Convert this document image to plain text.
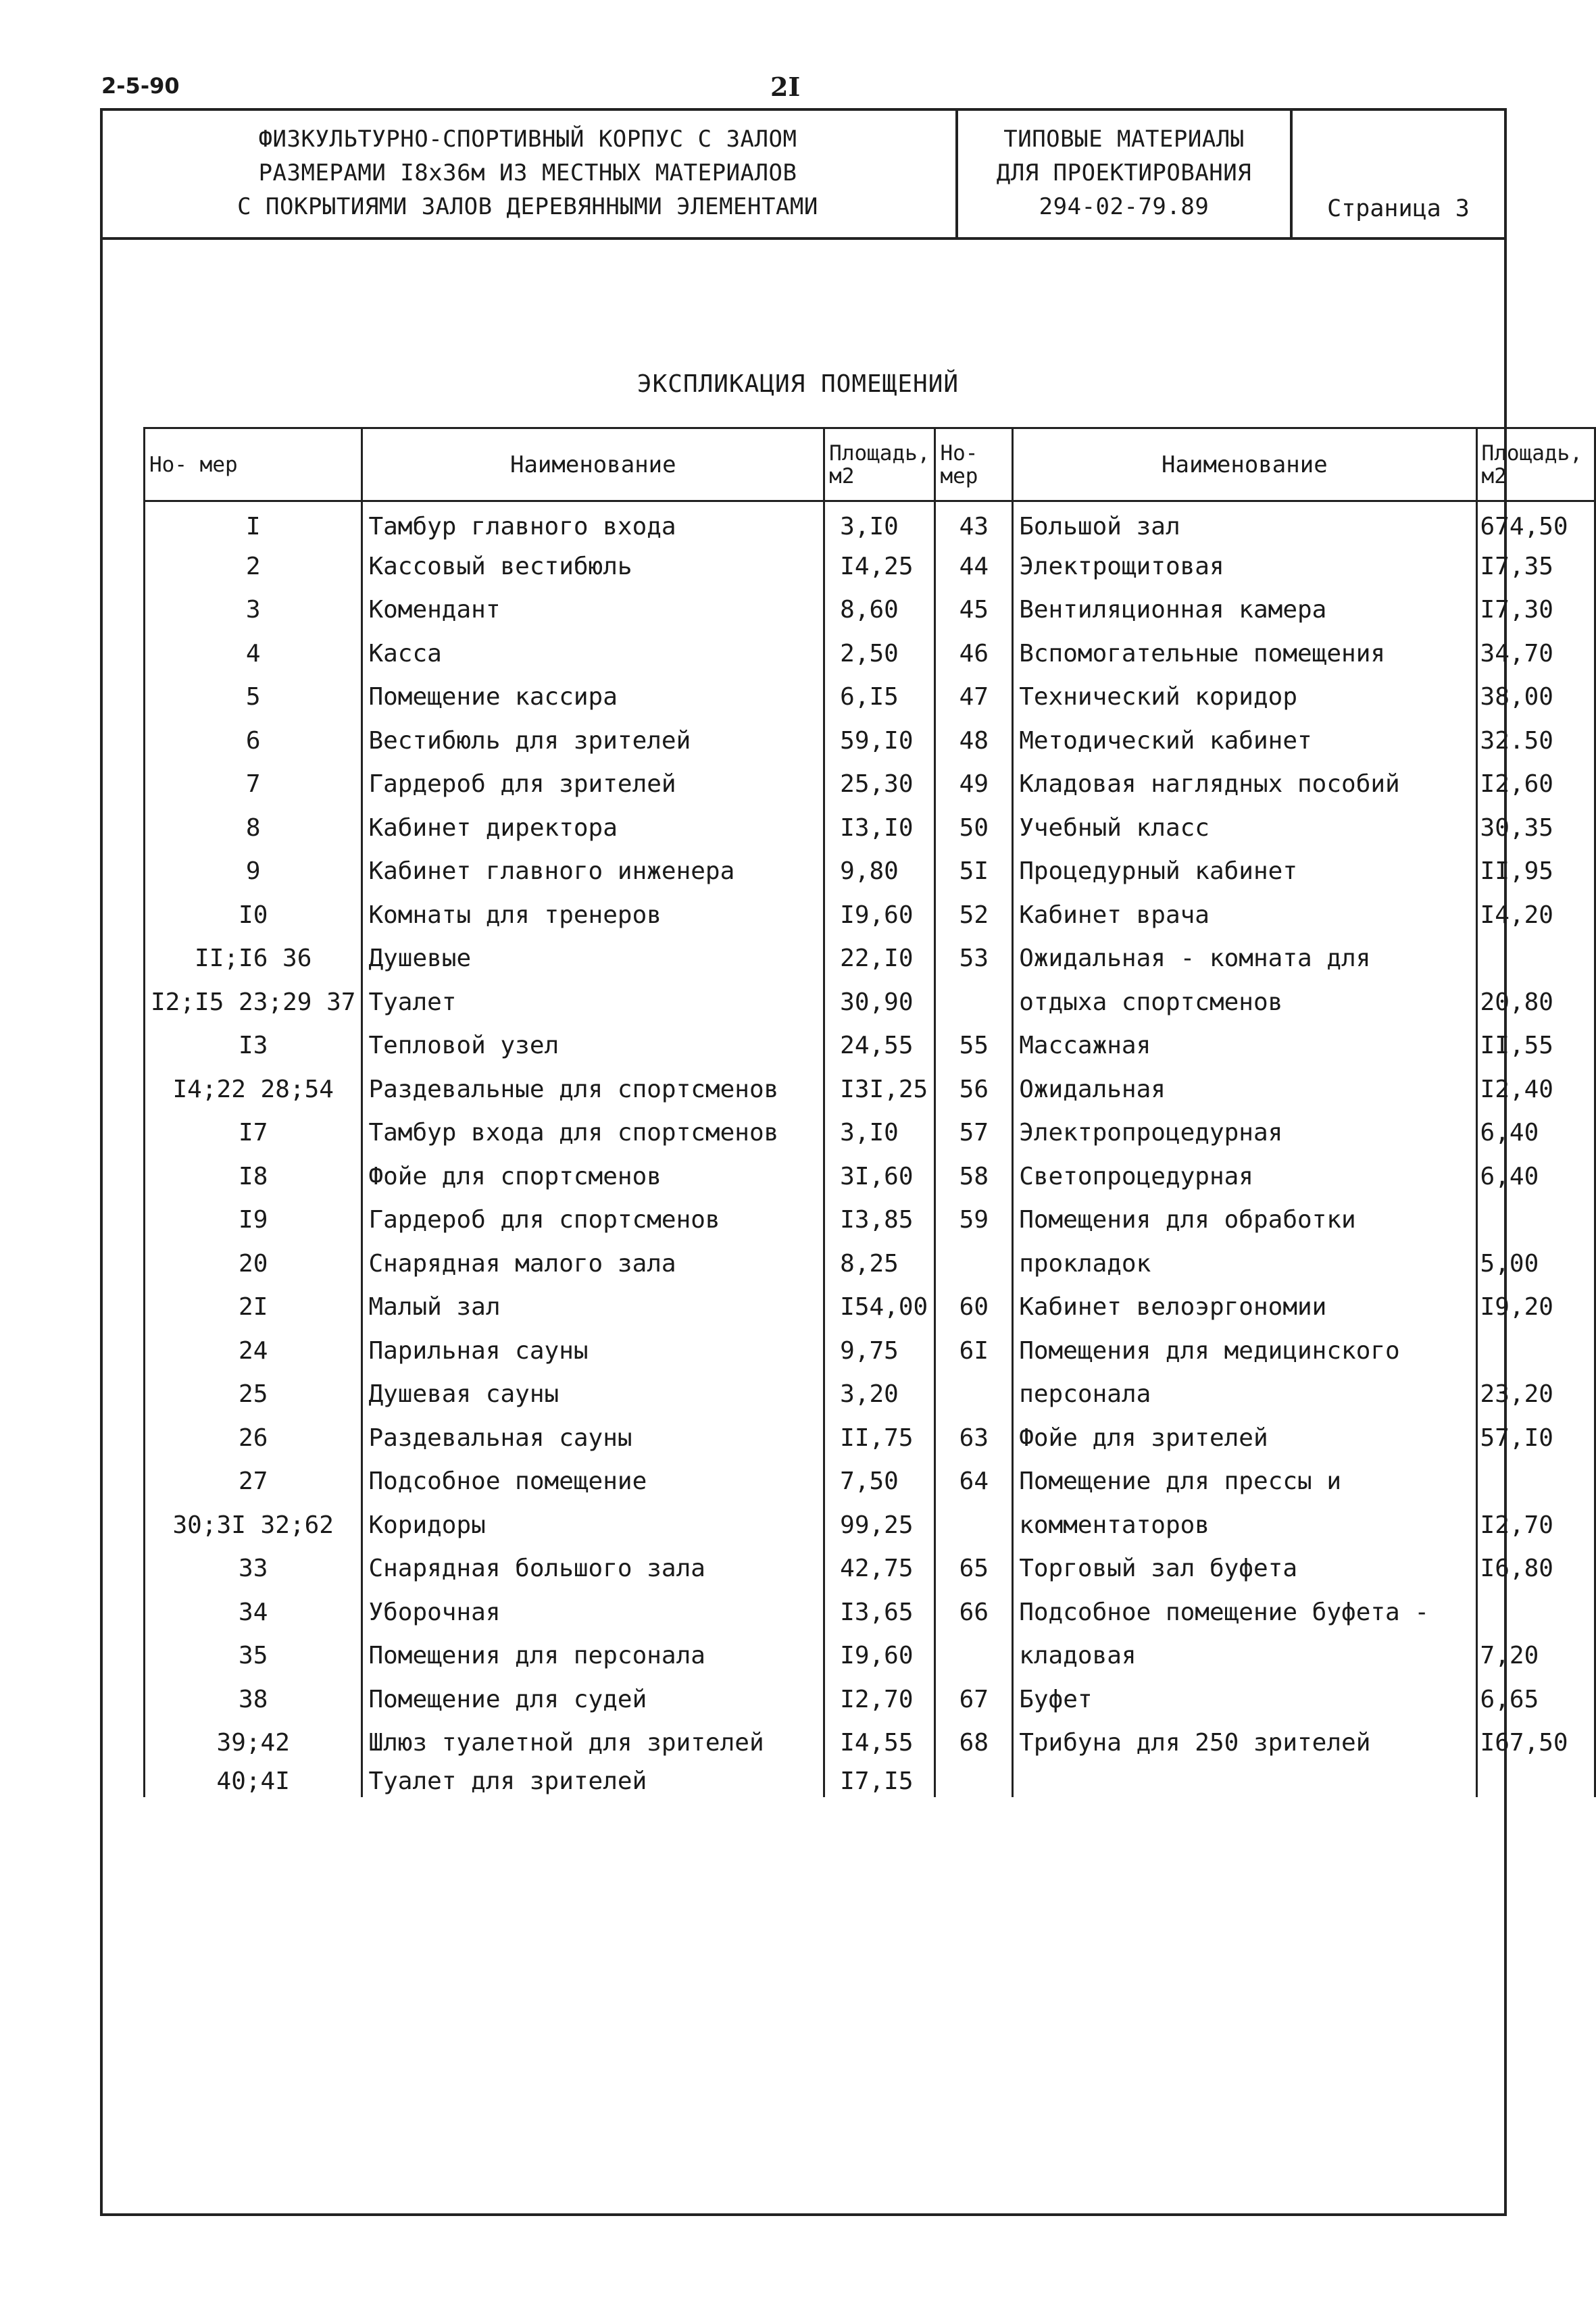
2-5-90	2I
ФИЗКУЛЬТУРНО-СПОРТИВНЫЙ КОРПУС С ЗАЛОМ
РАЗМЕРАМИ I8x36м ИЗ МЕСТНЫХ МАТЕРИАЛОВ
С ПОКРЫТИЯМИ ЗАЛОВ ДЕРЕВЯННЫМИ ЭЛЕМЕНТАМИ
ТИПОВЫЕ МАТЕРИАЛЫ
ДЛЯ ПРОЕКТИРОВАНИЯ
294-02-79.89	Страница 3
ЭКСПЛИКАЦИЯ ПОМЕЩЕНИЙ
Но- мер	Наименование	Площадь, м2	Но- мер	Наименование	Площадь, м2
I	Тамбур главного входа	3,I0	43	Большой зал	674,50
2	Кассовый вестибюль	I4,25	44	Электрощитовая	I7,35
3	Комендант	8,60	45	Вентиляционная камера	I7,30
4	Касса	2,50	46	Вспомогательные помещения	34,70
5	Помещение кассира	6,I5	47	Технический коридор	38,00
6	Вестибюль для зрителей	59,I0	48	Методический кабинет	32.50
7	Гардероб для зрителей	25,30	49	Кладовая наглядных пособий	I2,60
8	Кабинет директора	I3,I0	50	Учебный класс	30,35
9	Кабинет главного инженера	9,80	5I	Процедурный кабинет	II,95
I0	Комнаты для тренеров	I9,60	52	Кабинет врача	I4,20
II;I6 36	Душевые	22,I0	53	Ожидальная - комната для	
I2;I5 23;29 37	Туалет	30,90		отдыха спортсменов	20,80
I3	Тепловой узел	24,55	55	Массажная	II,55
I4;22 28;54	Раздевальные для спортсменов	I3I,25	56	Ожидальная	I2,40
I7	Тамбур входа для спортсменов	3,I0	57	Электропроцедурная	6,40
I8	Фойе для спортсменов	3I,60	58	Светопроцедурная	6,40
I9	Гардероб для спортсменов	I3,85	59	Помещения для обработки	
20	Снарядная малого зала	8,25		прокладок	5,00
2I	Малый зал	I54,00	60	Кабинет велоэргономии	I9,20
24	Парильная сауны	9,75	6I	Помещения для медицинского	
25	Душевая сауны	3,20		персонала	23,20
26	Раздевальная сауны	II,75	63	Фойе для зрителей	57,I0
27	Подсобное помещение	7,50	64	Помещение для прессы и	
30;3I 32;62	Коридоры	99,25		комментаторов	I2,70
33	Снарядная большого зала	42,75	65	Торговый зал буфета	I6,80
34	Уборочная	I3,65	66	Подсобное помещение буфета -	
35	Помещения для персонала	I9,60		кладовая	7,20
38	Помещение для судей	I2,70	67	Буфет	6,65
39;42	Шлюз туалетной для зрителей	I4,55	68	Трибуна для 250 зрителей	I67,50
40;4I	Туалет для зрителей	I7,I5			
